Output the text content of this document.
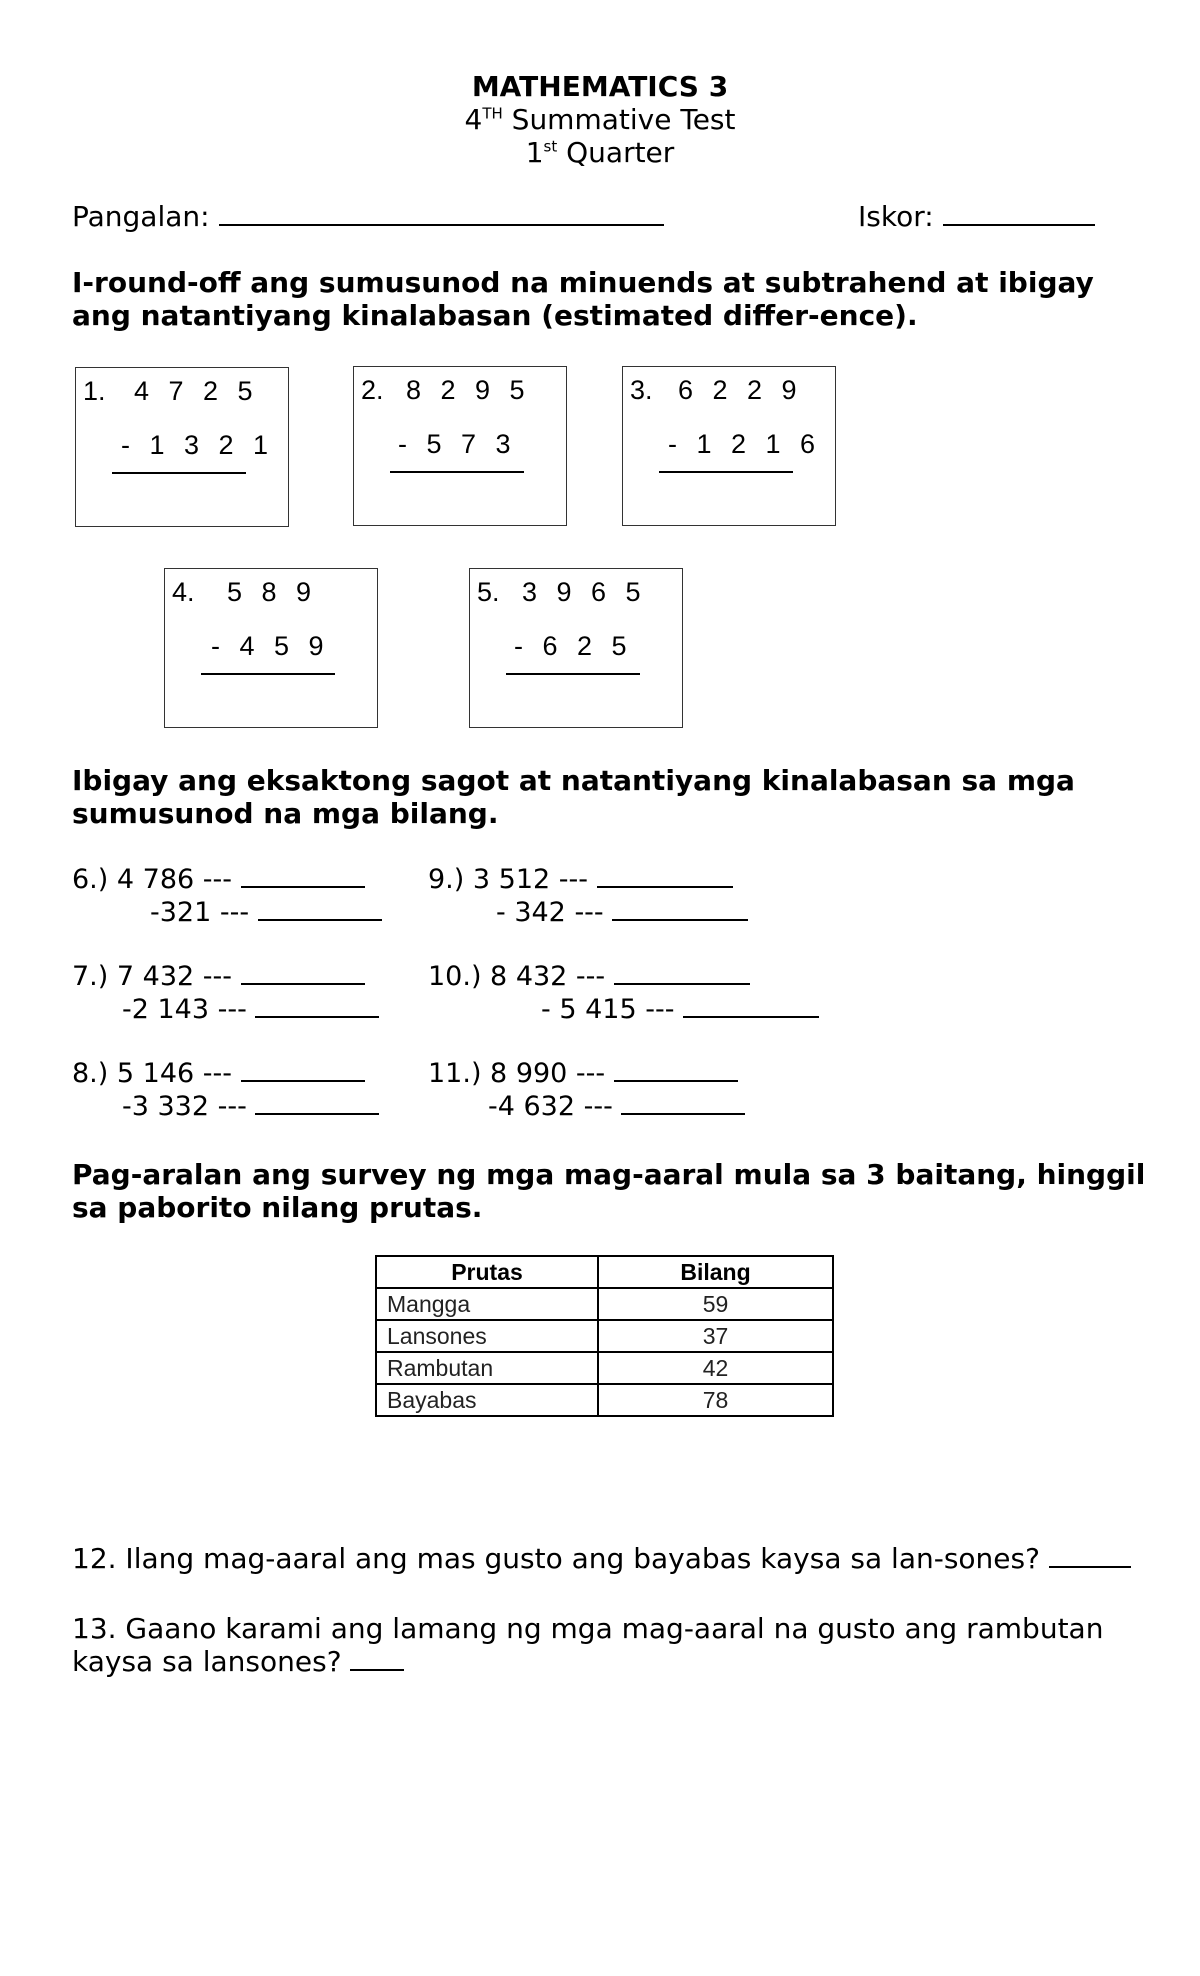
MATHEMATICS 3
4TH Summative Test
1st Quarter
Pangalan:	Iskor:
I-round-off ang sumusunod na minuends at subtrahend at ibigay
ang natantiyang kinalabasan (estimated differ-ence).
1. 4 7 2 5
- 1 3 2 1
2. 8 2 9 5
- 5 7 3
3. 6 2 2 9
- 1 2 1 6
4. 5 8 9
- 4 5 9
5. 3 9 6 5
- 6 2 5
Ibigay ang eksaktong sagot at natantiyang kinalabasan sa mga
sumusunod na mga bilang.
6.) 4 786 ---
-321 ---
7.) 7 432 ---
-2 143 ---
8.) 5 146 ---
-3 332 ---
9.) 3 512 ---
- 342 ---
10.) 8 432 ---
- 5 415 ---
11.) 8 990 ---
-4 632 ---
Pag-aralan ang survey ng mga mag-aaral mula sa 3 baitang, hinggil
sa paborito nilang prutas.
Prutas	Bilang
Mangga	59
Lansones	37
Rambutan	42
Bayabas	78
12. Ilang mag-aaral ang mas gusto ang bayabas kaysa sa lan-sones?
13. Gaano karami ang lamang ng mga mag-aaral na gusto ang rambutan
kaysa sa lansones?
